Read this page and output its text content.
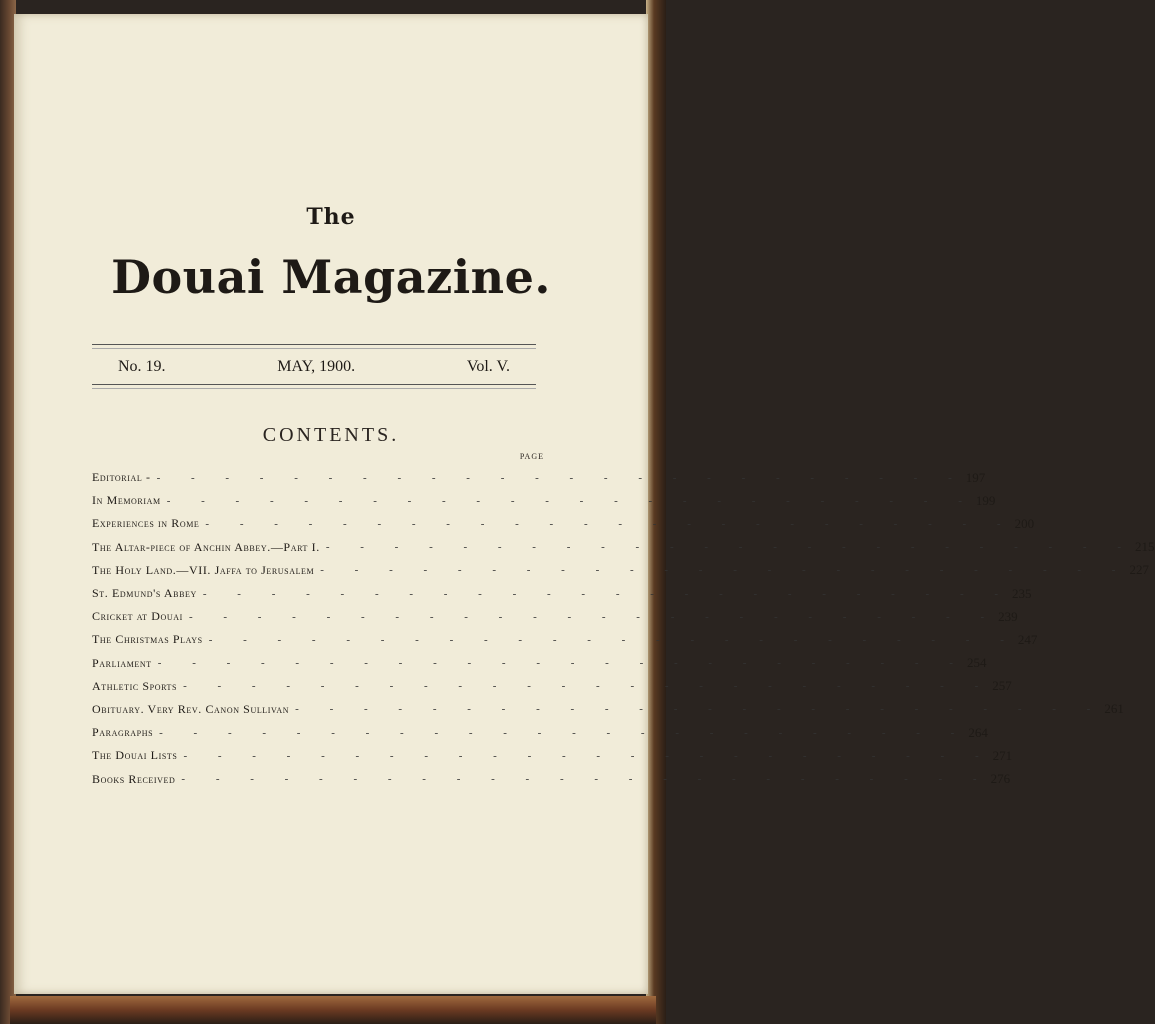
The
Douai Magazine.
No. 19.	MAY, 1900.	Vol. V.
CONTENTS.
PAGE
Editorial - - - - - - - - - - - - - - - - - - - - - - - - - 197
In Memoriam - - - - - - - - - - - - - - - - - - - - - - - - 199
Experiences in Rome - - - - - - - - - - - - - - - - - - - - - - - - 200
The Altar-piece of Anchin Abbey.—Part I. - - - - - - - - - - - - - - - - - - - - - - - - 215
The Holy Land.—VII. Jaffa to Jerusalem - - - - - - - - - - - - - - - - - - - - - - - - 227
St. Edmund's Abbey - - - - - - - - - - - - - - - - - - - - - - - - 235
Cricket at Douai - - - - - - - - - - - - - - - - - - - - - - - - 239
The Christmas Plays - - - - - - - - - - - - - - - - - - - - - - - - 247
Parliament - - - - - - - - - - - - - - - - - - - - - - - - 254
Athletic Sports - - - - - - - - - - - - - - - - - - - - - - - - 257
Obituary. Very Rev. Canon Sullivan - - - - - - - - - - - - - - - - - - - - - - - - 261
Paragraphs - - - - - - - - - - - - - - - - - - - - - - - - 264
The Douai Lists - - - - - - - - - - - - - - - - - - - - - - - - 271
Books Received - - - - - - - - - - - - - - - - - - - - - - - - 276
